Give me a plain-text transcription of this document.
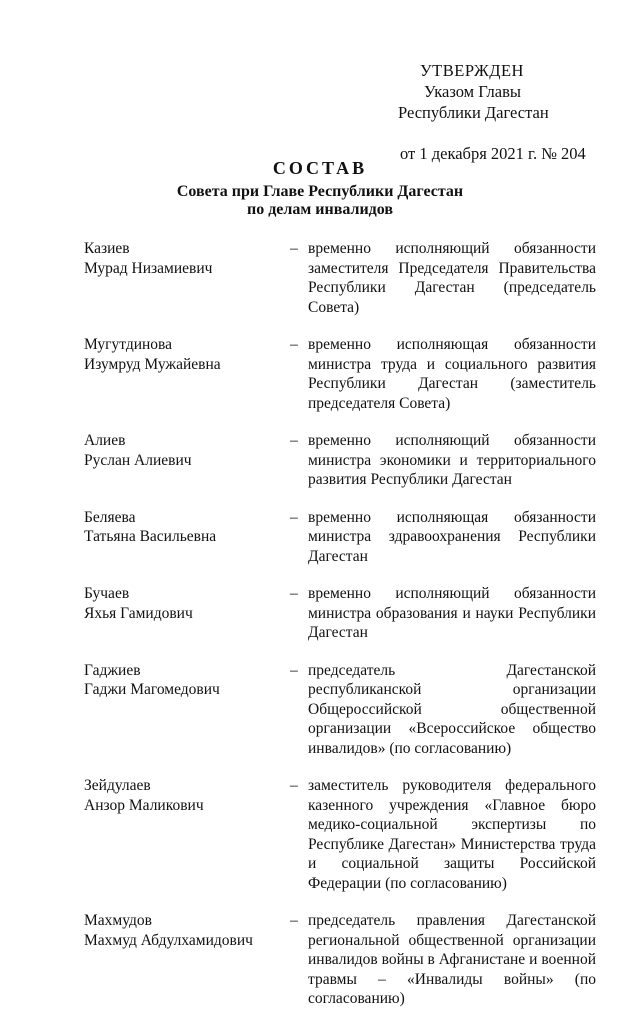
УТВЕРЖДЕН
Указом Главы
Республики Дагестан
от 1 декабря 2021 г. № 204
СОСТАВ
Совета при Главе Республики Дагестан
по делам инвалидов
Казиев
Мурад Низамиевич
– временно исполняющий обязанности заместителя Председателя Правительства Республики Дагестан (председатель Совета)
Мугутдинова
Изумруд Мужайевна
– временно исполняющая обязанности министра труда и социального развития Республики Дагестан (заместитель председателя Совета)
Алиев
Руслан Алиевич
– временно исполняющий обязанности министра экономики и территориального развития Республики Дагестан
Беляева
Татьяна Васильевна
– временно исполняющая обязанности министра здравоохранения Республики Дагестан
Бучаев
Яхья Гамидович
– временно исполняющий обязанности министра образования и науки Республики Дагестан
Гаджиев
Гаджи Магомедович
– председатель Дагестанской республиканской организации Общероссийской общественной организации «Всероссийское общество инвалидов» (по согласованию)
Зейдулаев
Анзор Маликович
– заместитель руководителя федерального казенного учреждения «Главное бюро медико-социальной экспертизы по Республике Дагестан» Министерства труда и социальной защиты Российской Федерации (по согласованию)
Махмудов
Махмуд Абдулхамидович
– председатель правления Дагестанской региональной общественной организации инвалидов войны в Афганистане и военной травмы – «Инвалиды войны» (по согласованию)
